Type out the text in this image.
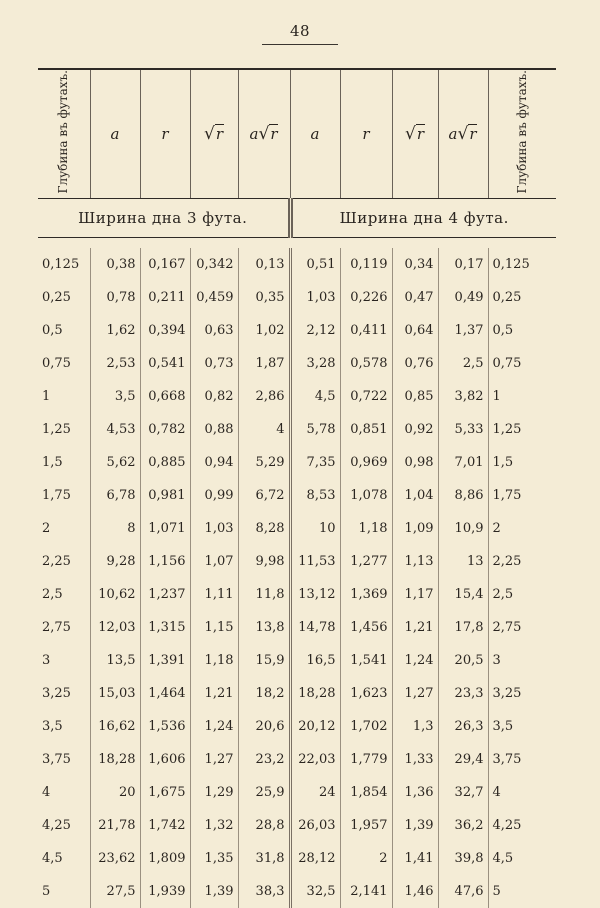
48
Глубина въ футахъ.	a	r	√r	a√r	a	r	√r	a√r	Глубина въ футахъ.
Ширина дна 3 фута.					Ширина дна 4 фута.				

0,125	0,38	0,167	0,342	0,13	0,51	0,119	0,34	0,17	0,125
0,25	0,78	0,211	0,459	0,35	1,03	0,226	0,47	0,49	0,25
0,5	1,62	0,394	0,63	1,02	2,12	0,411	0,64	1,37	0,5
0,75	2,53	0,541	0,73	1,87	3,28	0,578	0,76	2,5	0,75
1	3,5	0,668	0,82	2,86	4,5	0,722	0,85	3,82	1
1,25	4,53	0,782	0,88	4	5,78	0,851	0,92	5,33	1,25
1,5	5,62	0,885	0,94	5,29	7,35	0,969	0,98	7,01	1,5
1,75	6,78	0,981	0,99	6,72	8,53	1,078	1,04	8,86	1,75
2	8	1,071	1,03	8,28	10	1,18	1,09	10,9	2
2,25	9,28	1,156	1,07	9,98	11,53	1,277	1,13	13	2,25
2,5	10,62	1,237	1,11	11,8	13,12	1,369	1,17	15,4	2,5
2,75	12,03	1,315	1,15	13,8	14,78	1,456	1,21	17,8	2,75
3	13,5	1,391	1,18	15,9	16,5	1,541	1,24	20,5	3
3,25	15,03	1,464	1,21	18,2	18,28	1,623	1,27	23,3	3,25
3,5	16,62	1,536	1,24	20,6	20,12	1,702	1,3	26,3	3,5
3,75	18,28	1,606	1,27	23,2	22,03	1,779	1,33	29,4	3,75
4	20	1,675	1,29	25,9	24	1,854	1,36	32,7	4
4,25	21,78	1,742	1,32	28,8	26,03	1,957	1,39	36,2	4,25
4,5	23,62	1,809	1,35	31,8	28,12	2	1,41	39,8	4,5
5	27,5	1,939	1,39	38,3	32,5	2,141	1,46	47,6	5
